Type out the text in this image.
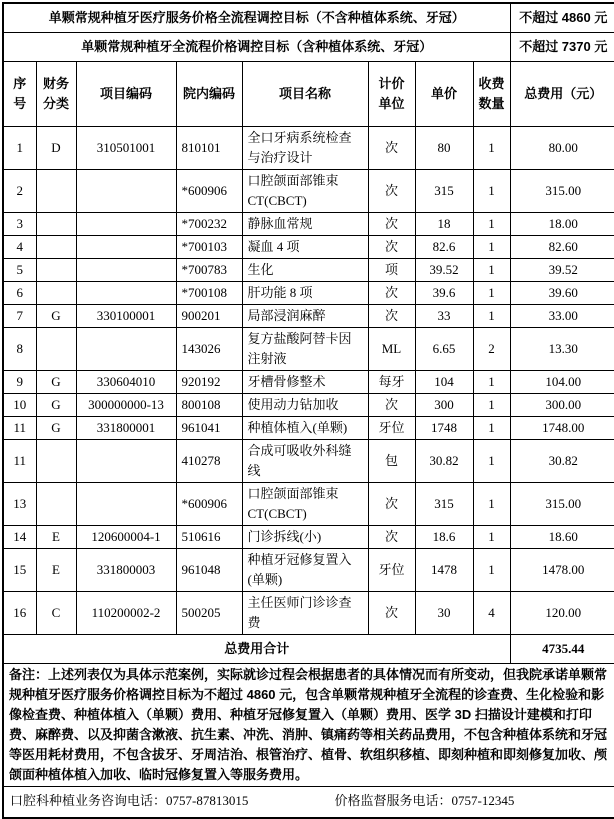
单颗常规种植牙医疗服务价格全流程调控目标（不含种植体系统、牙冠）								不超过 4860 元
单颗常规种植牙全流程价格调控目标（含种植体系统、牙冠）								不超过 7370 元
序号	财务分类	项目编码	院内编码	项目名称	计价单位	单价	收费数量	总费用（元）
1	D	310501001	810101	全口牙病系统检查与治疗设计	次	80	1	80.00
2			*600906	口腔颌面部锥束CT(CBCT)	次	315	1	315.00
3			*700232	静脉血常规	次	18	1	18.00
4			*700103	凝血 4 项	次	82.6	1	82.60
5			*700783	生化	项	39.52	1	39.52
6			*700108	肝功能 8 项	次	39.6	1	39.60
7	G	330100001	900201	局部浸润麻醉	次	33	1	33.00
8			143026	复方盐酸阿替卡因注射液	ML	6.65	2	13.30
9	G	330604010	920192	牙槽骨修整术	每牙	104	1	104.00
10	G	300000000-13	800108	使用动力钻加收	次	300	1	300.00
11	G	331800001	961041	种植体植入(单颗)	牙位	1748	1	1748.00
11			410278	合成可吸收外科缝线	包	30.82	1	30.82
13			*600906	口腔颌面部锥束CT(CBCT)	次	315	1	315.00
14	E	120600004-1	510616	门诊拆线(小)	次	18.6	1	18.60
15	E	331800003	961048	种植牙冠修复置入(单颗)	牙位	1478	1	1478.00
16	C	110200002-2	500205	主任医师门诊诊查费	次	30	4	120.00
总费用合计								4735.44
备注：上述列表仅为具体示范案例，实际就诊过程会根据患者的具体情况而有所变动，但我院承诺单颗常规种植牙医疗服务价格调控目标为不超过 4860 元，包含单颗常规种植牙全流程的诊查费、生化检验和影像检查费、种植体植入（单颗）费用、种植牙冠修复置入（单颗）费用、医学 3D 扫描设计建模和打印费、麻醉费、以及抑菌含漱液、抗生素、冲洗、消肿、镇痛药等相关药品费用，不包含种植体系统和牙冠等医用耗材费用，不包含拔牙、牙周洁治、根管治疗、植骨、软组织移植、即刻种植和即刻修复加收、颅颌面种植体植入加收、临时冠修复置入等服务费用。								

口腔科种植业务咨询电话：0757-87813015 价格监督服务电话：0757-12345								
